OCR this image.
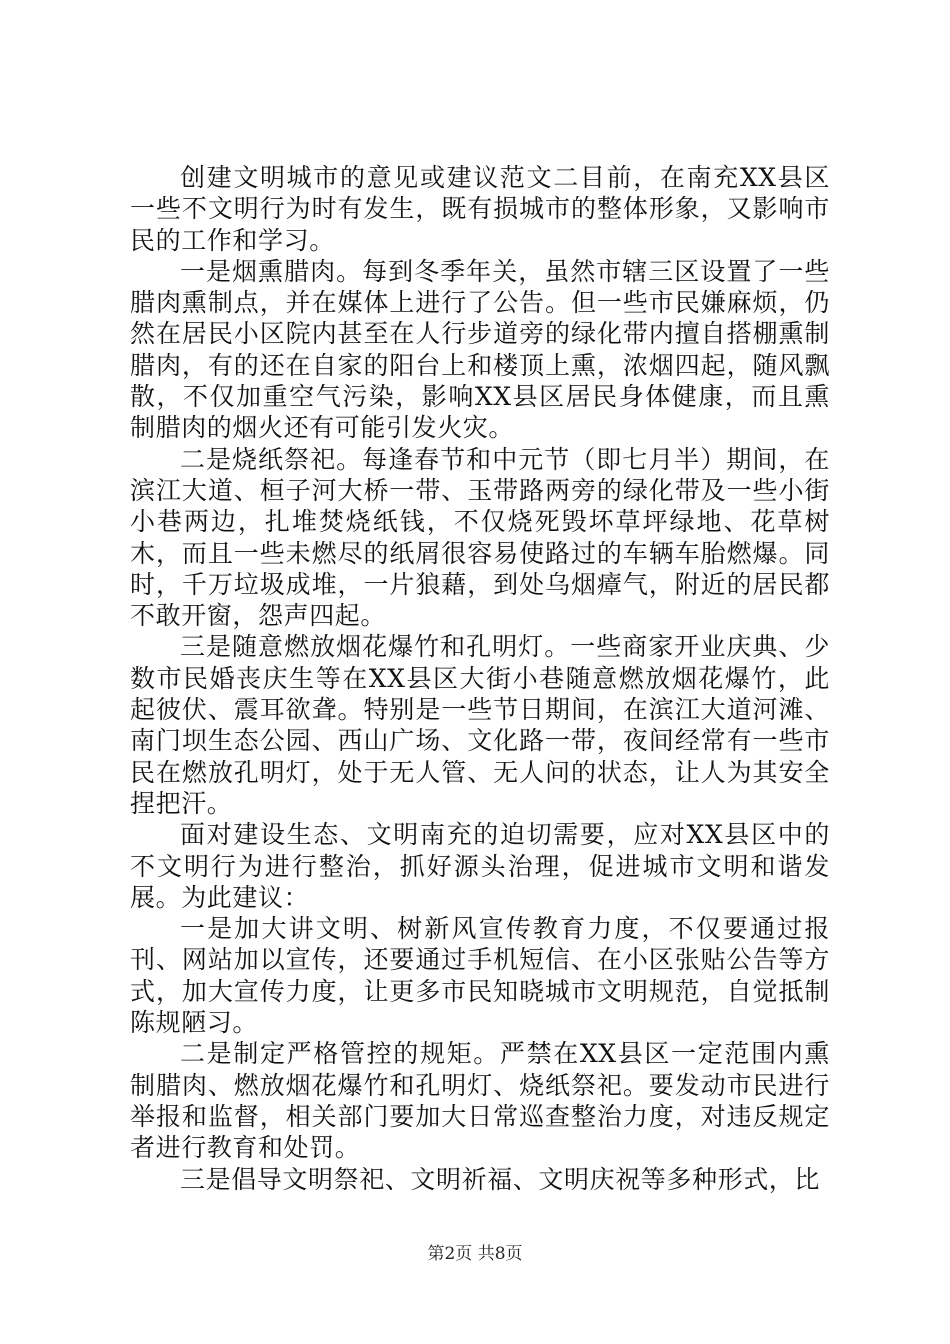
创建文明城市的意见或建议范文二目前，在南充XX县区一些不文明行为时有发生，既有损城市的整体形象，又影响市民的工作和学习。

一是烟熏腊肉。每到冬季年关，虽然市辖三区设置了一些腊肉熏制点，并在媒体上进行了公告。但一些市民嫌麻烦，仍然在居民小区院内甚至在人行步道旁的绿化带内擅自搭棚熏制腊肉，有的还在自家的阳台上和楼顶上熏，浓烟四起，随风飘散，不仅加重空气污染，影响XX县区居民身体健康，而且熏制腊肉的烟火还有可能引发火灾。

二是烧纸祭祀。每逢春节和中元节（即七月半）期间，在滨江大道、桓子河大桥一带、玉带路两旁的绿化带及一些小街小巷两边，扎堆焚烧纸钱，不仅烧死毁坏草坪绿地、花草树木，而且一些未燃尽的纸屑很容易使路过的车辆车胎燃爆。同时，千万垃圾成堆，一片狼藉，到处乌烟瘴气，附近的居民都不敢开窗，怨声四起。

三是随意燃放烟花爆竹和孔明灯。一些商家开业庆典、少数市民婚丧庆生等在XX县区大街小巷随意燃放烟花爆竹，此起彼伏、震耳欲聋。特别是一些节日期间，在滨江大道河滩、南门坝生态公园、西山广场、文化路一带，夜间经常有一些市民在燃放孔明灯，处于无人管、无人问的状态，让人为其安全捏把汗。

面对建设生态、文明南充的迫切需要，应对XX县区中的不文明行为进行整治，抓好源头治理，促进城市文明和谐发展。为此建议：

一是加大讲文明、树新风宣传教育力度，不仅要通过报刊、网站加以宣传，还要通过手机短信、在小区张贴公告等方式，加大宣传力度，让更多市民知晓城市文明规范，自觉抵制陈规陋习。

二是制定严格管控的规矩。严禁在XX县区一定范围内熏制腊肉、燃放烟花爆竹和孔明灯、烧纸祭祀。要发动市民进行举报和监督，相关部门要加大日常巡查整治力度，对违反规定者进行教育和处罚。

三是倡导文明祭祀、文明祈福、文明庆祝等多种形式，比

第2页 共8页
